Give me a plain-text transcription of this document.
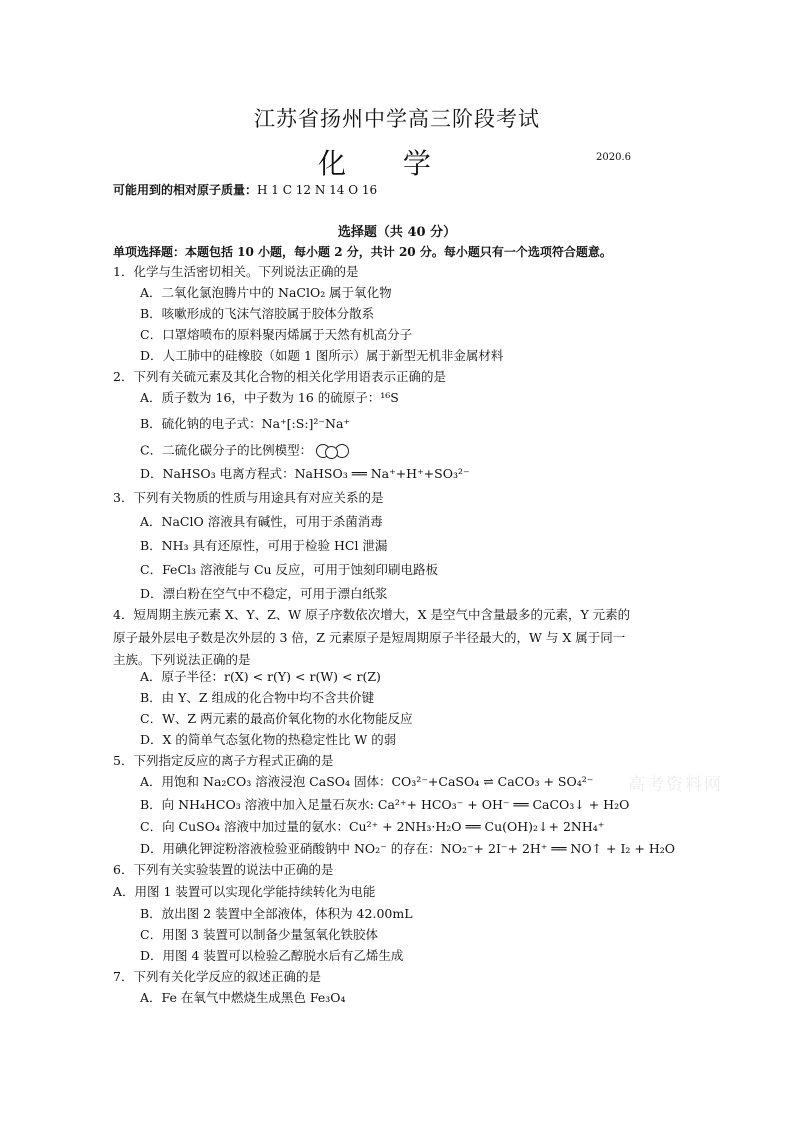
江苏省扬州中学高三阶段考试
化 学	2020.6
可能用到的相对原子质量：H 1 C 12 N 14 O 16
选择题（共 40 分）
单项选择题：本题包括 10 小题，每小题 2 分，共计 20 分。每小题只有一个选项符合题意。
1．化学与生活密切相关。下列说法正确的是
A．二氧化氯泡腾片中的 NaClO₂ 属于氧化物
B．咳嗽形成的飞沫气溶胶属于胶体分散系
C．口罩熔喷布的原料聚丙烯属于天然有机高分子
D．人工肺中的硅橡胶（如题 1 图所示）属于新型无机非金属材料
2．下列有关硫元素及其化合物的相关化学用语表示正确的是
A．质子数为 16，中子数为 16 的硫原子：¹⁶S
B．硫化钠的电子式：Na⁺[:S:]²⁻Na⁺
C．二硫化碳分子的比例模型：
D．NaHSO₃ 电离方程式：NaHSO₃ ══ Na⁺+H⁺+SO₃²⁻
3．下列有关物质的性质与用途具有对应关系的是
A．NaClO 溶液具有碱性，可用于杀菌消毒
B．NH₃ 具有还原性，可用于检验 HCl 泄漏
C．FeCl₃ 溶液能与 Cu 反应，可用于蚀刻印刷电路板
D．漂白粉在空气中不稳定，可用于漂白纸浆
4．短周期主族元素 X、Y、Z、W 原子序数依次增大，X 是空气中含量最多的元素，Y 元素的
原子最外层电子数是次外层的 3 倍，Z 元素原子是短周期原子半径最大的，W 与 X 属于同一
主族。下列说法正确的是
A．原子半径：r(X) < r(Y) < r(W) < r(Z)
B．由 Y、Z 组成的化合物中均不含共价键
C．W、Z 两元素的最高价氧化物的水化物能反应
D．X 的简单气态氢化物的热稳定性比 W 的弱
5．下列指定反应的离子方程式正确的是
A．用饱和 Na₂CO₃ 溶液浸泡 CaSO₄ 固体：CO₃²⁻+CaSO₄ ⇌ CaCO₃ + SO₄²⁻
B．向 NH₄HCO₃ 溶液中加入足量石灰水: Ca²⁺+ HCO₃⁻ + OH⁻ ══ CaCO₃↓ + H₂O
C．向 CuSO₄ 溶液中加过量的氨水：Cu²⁺ + 2NH₃·H₂O ══ Cu(OH)₂↓+ 2NH₄⁺
D．用碘化钾淀粉溶液检验亚硝酸钠中 NO₂⁻ 的存在：NO₂⁻+ 2I⁻+ 2H⁺ ══ NO↑ + I₂ + H₂O
6．下列有关实验装置的说法中正确的是
A．用图 1 装置可以实现化学能持续转化为电能
B．放出图 2 装置中全部液体，体积为 42.00mL
C．用图 3 装置可以制备少量氢氧化铁胶体
D．用图 4 装置可以检验乙醇脱水后有乙烯生成
7．下列有关化学反应的叙述正确的是
A．Fe 在氧气中燃烧生成黑色 Fe₃O₄
高考资料网
